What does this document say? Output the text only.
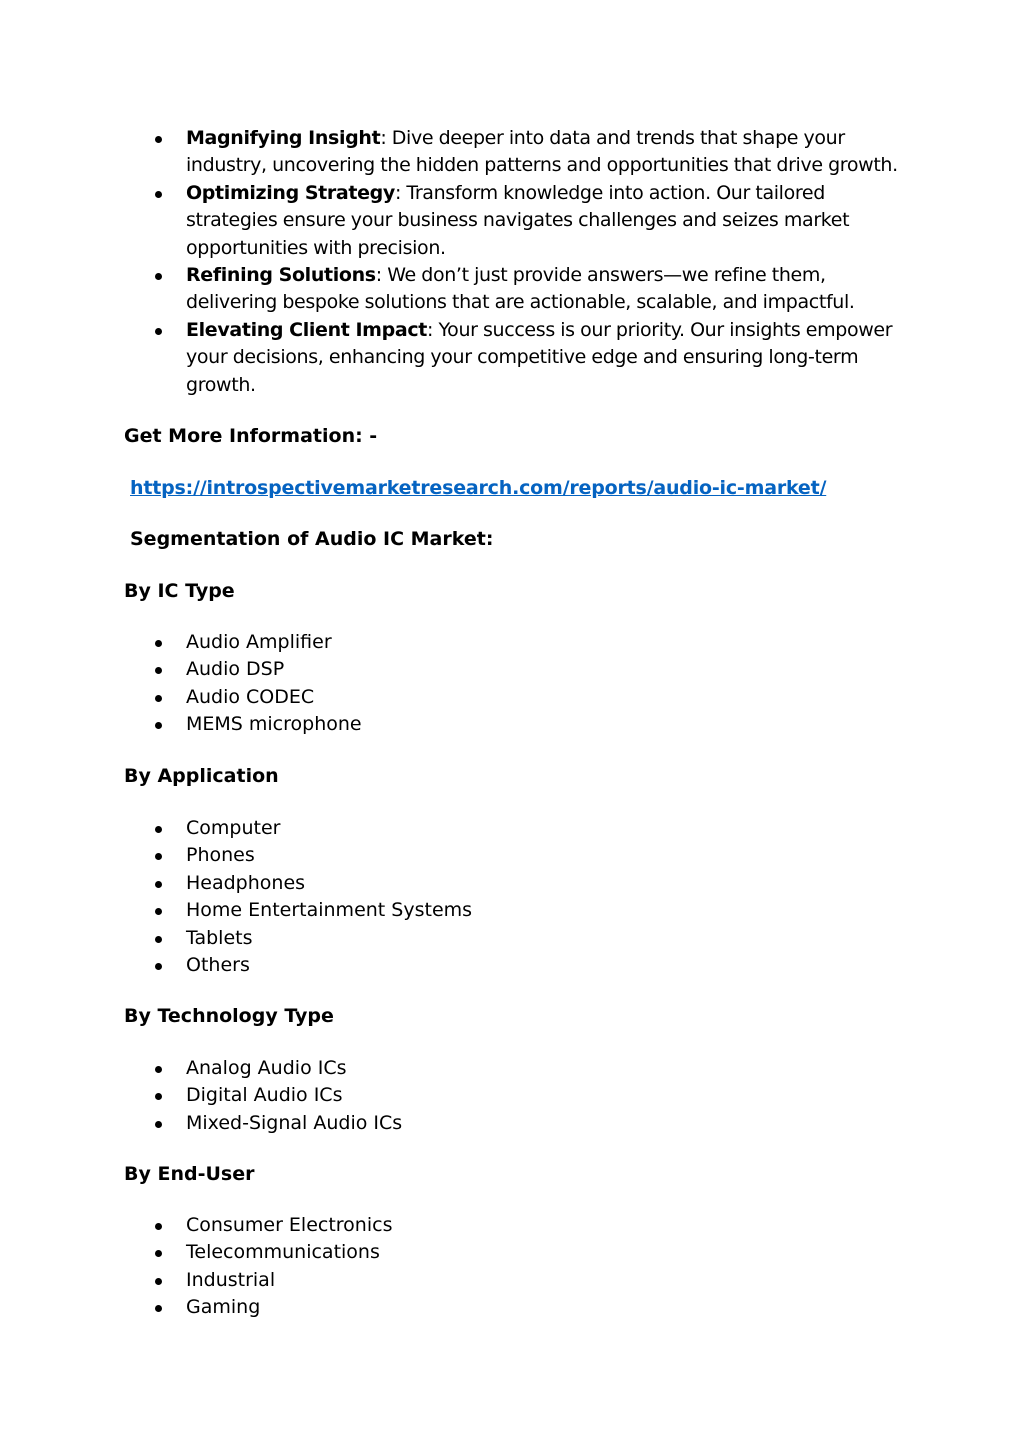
Magnifying Insight: Dive deeper into data and trends that shape your industry, uncovering the hidden patterns and opportunities that drive growth.
Optimizing Strategy: Transform knowledge into action. Our tailored strategies ensure your business navigates challenges and seizes market opportunities with precision.
Refining Solutions: We don’t just provide answers—we refine them, delivering bespoke solutions that are actionable, scalable, and impactful.
Elevating Client Impact: Your success is our priority. Our insights empower your decisions, enhancing your competitive edge and ensuring long-term growth.
Get More Information: -
https://introspectivemarketresearch.com/reports/audio-ic-market/
Segmentation of Audio IC Market:
By IC Type
Audio Amplifier
Audio DSP
Audio CODEC
MEMS microphone
By Application
Computer
Phones
Headphones
Home Entertainment Systems
Tablets
Others
By Technology Type
Analog Audio ICs
Digital Audio ICs
Mixed-Signal Audio ICs
By End-User
Consumer Electronics
Telecommunications
Industrial
Gaming
